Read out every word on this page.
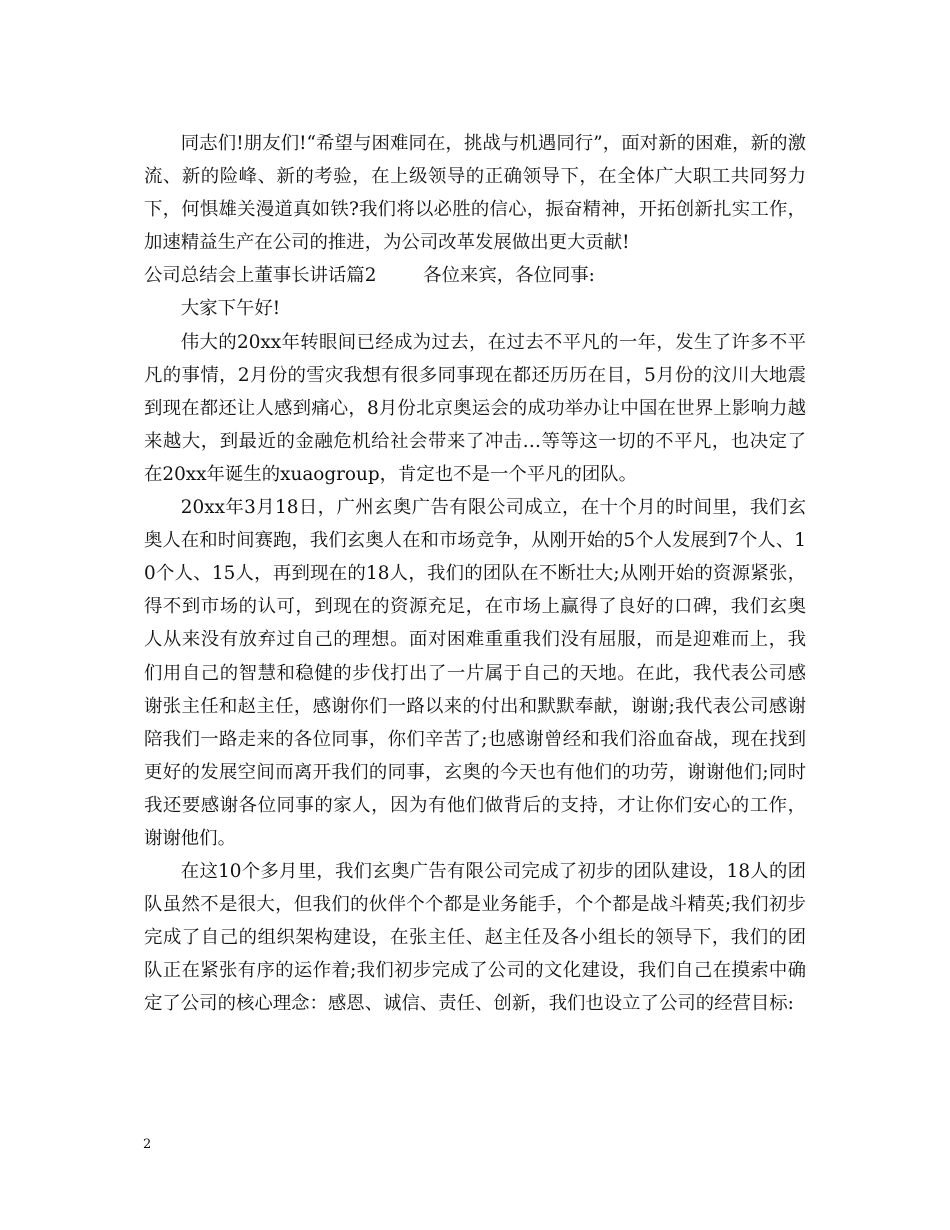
同志们!朋友们!“希望与困难同在，挑战与机遇同行”，面对新的困难，新的激流、新的险峰、新的考验，在上级领导的正确领导下，在全体广大职工共同努力下，何惧雄关漫道真如铁?我们将以必胜的信心，振奋精神，开拓创新扎实工作，加速精益生产在公司的推进，为公司改革发展做出更大贡献!

公司总结会上董事长讲话篇2        各位来宾，各位同事:

大家下午好!

伟大的20xx年转眼间已经成为过去，在过去不平凡的一年，发生了许多不平凡的事情，2月份的雪灾我想有很多同事现在都还历历在目，5月份的汶川大地震到现在都还让人感到痛心，8月份北京奥运会的成功举办让中国在世界上影响力越来越大，到最近的金融危机给社会带来了冲击…等等这一切的不平凡，也决定了在20xx年诞生的xuaogroup，肯定也不是一个平凡的团队。

20xx年3月18日，广州玄奥广告有限公司成立，在十个月的时间里，我们玄奥人在和时间赛跑，我们玄奥人在和市场竞争，从刚开始的5个人发展到7个人、10个人、15人，再到现在的18人，我们的团队在不断壮大;从刚开始的资源紧张，得不到市场的认可，到现在的资源充足，在市场上赢得了良好的口碑，我们玄奥人从来没有放弃过自己的理想。面对困难重重我们没有屈服，而是迎难而上，我们用自己的智慧和稳健的步伐打出了一片属于自己的天地。在此，我代表公司感谢张主任和赵主任，感谢你们一路以来的付出和默默奉献，谢谢;我代表公司感谢陪我们一路走来的各位同事，你们辛苦了;也感谢曾经和我们浴血奋战，现在找到更好的发展空间而离开我们的同事，玄奥的今天也有他们的功劳，谢谢他们;同时我还要感谢各位同事的家人，因为有他们做背后的支持，才让你们安心的工作，谢谢他们。

在这10个多月里，我们玄奥广告有限公司完成了初步的团队建设，18人的团队虽然不是很大，但我们的伙伴个个都是业务能手，个个都是战斗精英;我们初步完成了自己的组织架构建设，在张主任、赵主任及各小组长的领导下，我们的团队正在紧张有序的运作着;我们初步完成了公司的文化建设，我们自己在摸索中确定了公司的核心理念：感恩、诚信、责任、创新，我们也设立了公司的经营目标:

2
